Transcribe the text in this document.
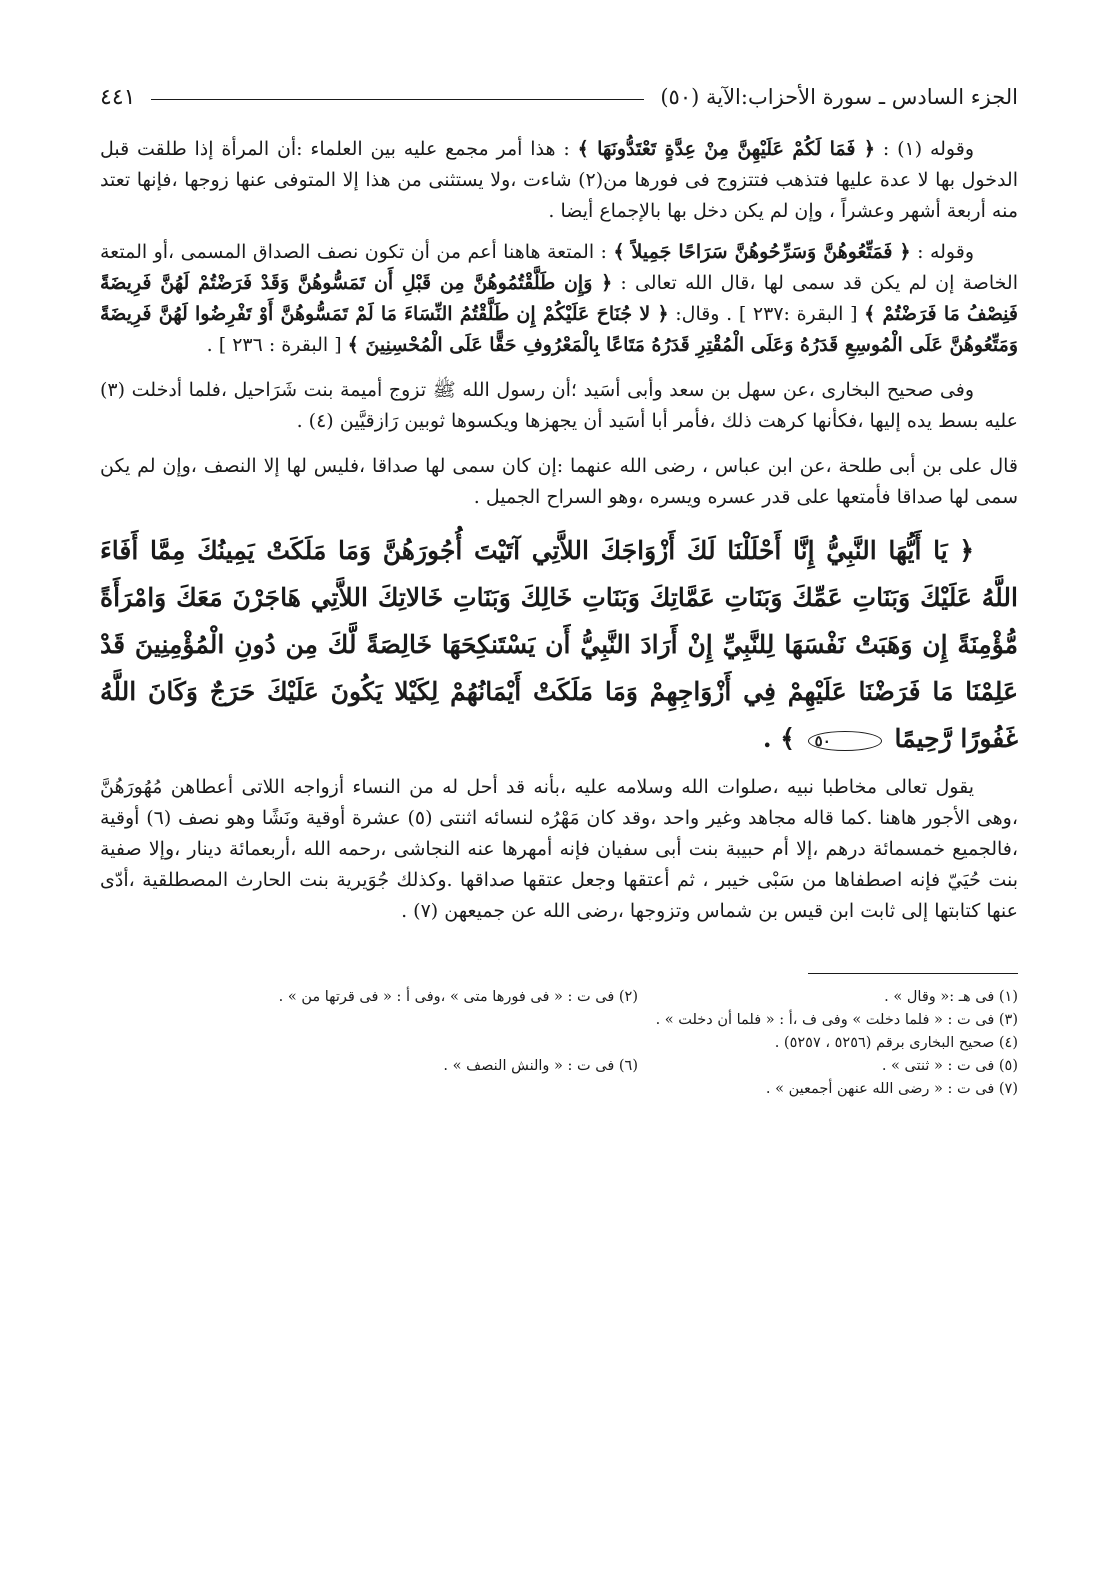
الجزء السادس ـ سورة الأحزاب:الآية (٥٠)
٤٤١

وقوله (١) : ﴿ فَمَا لَكُمْ عَلَيْهِنَّ مِنْ عِدَّةٍ تَعْتَدُّونَهَا ﴾ : هذا أمر مجمع عليه بين العلماء :أن المرأة إذا طلقت قبل الدخول بها لا عدة عليها فتذهب فتتزوج فى فورها من(٢) شاءت ،ولا يستثنى من هذا إلا المتوفى عنها زوجها ،فإنها تعتد منه أربعة أشهر وعشراً ، وإن لم يكن دخل بها بالإجماع أيضا .

وقوله : ﴿ فَمَتِّعُوهُنَّ وَسَرِّحُوهُنَّ سَرَاحًا جَمِيلاً ﴾ : المتعة هاهنا أعم من أن تكون نصف الصداق المسمى ،أو المتعة الخاصة إن لم يكن قد سمى لها ،قال الله تعالى : ﴿ وَإِن طَلَّقْتُمُوهُنَّ مِن قَبْلِ أَن تَمَسُّوهُنَّ وَقَدْ فَرَضْتُمْ لَهُنَّ فَرِيضَةً فَنِصْفُ مَا فَرَضْتُمْ ﴾ [ البقرة :٢٣٧ ] . وقال: ﴿ لا جُنَاحَ عَلَيْكُمْ إِن طَلَّقْتُمُ النِّسَاءَ مَا لَمْ تَمَسُّوهُنَّ أَوْ تَفْرِضُوا لَهُنَّ فَرِيضَةً وَمَتِّعُوهُنَّ عَلَى الْمُوسِعِ قَدَرُهُ وَعَلَى الْمُقْتِرِ قَدَرُهُ مَتَاعًا بِالْمَعْرُوفِ حَقًّا عَلَى الْمُحْسِنِينَ ﴾ [ البقرة : ٢٣٦ ] .

وفى صحيح البخارى ،عن سهل بن سعد وأبى أسَيد ؛أن رسول الله ﷺ تزوج أميمة بنت شَرَاحيل ،فلما أدخلت (٣) عليه بسط يده إليها ،فكأنها كرهت ذلك ،فأمر أبا أسَيد أن يجهزها ويكسوها ثوبين رَازقيَّين (٤) .

قال على بن أبى طلحة ،عن ابن عباس ، رضى الله عنهما :إن كان سمى لها صداقا ،فليس لها إلا النصف ،وإن لم يكن سمى لها صداقا فأمتعها على قدر عسره ويسره ،وهو السراح الجميل .

﴿ يَا أَيُّهَا النَّبِيُّ إِنَّا أَحْلَلْنَا لَكَ أَزْوَاجَكَ اللاَّتِي آتَيْتَ أُجُورَهُنَّ وَمَا مَلَكَتْ يَمِينُكَ مِمَّا أَفَاءَ اللَّهُ عَلَيْكَ وَبَنَاتِ عَمِّكَ وَبَنَاتِ عَمَّاتِكَ وَبَنَاتِ خَالِكَ وَبَنَاتِ خَالاتِكَ اللاَّتِي هَاجَرْنَ مَعَكَ وَامْرَأَةً مُّؤْمِنَةً إِن وَهَبَتْ نَفْسَهَا لِلنَّبِيِّ إِنْ أَرَادَ النَّبِيُّ أَن يَسْتَنكِحَهَا خَالِصَةً لَّكَ مِن دُونِ الْمُؤْمِنِينَ قَدْ عَلِمْنَا مَا فَرَضْنَا عَلَيْهِمْ فِي أَزْوَاجِهِمْ وَمَا مَلَكَتْ أَيْمَانُهُمْ لِكَيْلا يَكُونَ عَلَيْكَ حَرَجٌ وَكَانَ اللَّهُ غَفُورًا رَّحِيمًا ٥٠ ﴾ .

يقول تعالى مخاطبا نبيه ،صلوات الله وسلامه عليه ،بأنه قد أحل له من النساء أزواجه اللاتى أعطاهن مُهُورَهُنَّ ،وهى الأجور هاهنا .كما قاله مجاهد وغير واحد ،وقد كان مَهْرُه لنسائه اثنتى (٥) عشرة أوقية ونَشًا وهو نصف (٦) أوقية ،فالجميع خمسمائة درهم ،إلا أم حبيبة بنت أبى سفيان فإنه أمهرها عنه النجاشى ،رحمه الله ،أربعمائة دينار ،وإلا صفية بنت حُيَيّ فإنه اصطفاها من سَبْى خيبر ، ثم أعتقها وجعل عتقها صداقها .وكذلك جُوَيرية بنت الحارث المصطلقية ،أدّى عنها كتابتها إلى ثابت ابن قيس بن شماس وتزوجها ،رضى الله عن جميعهن (٧) .

(١) فى هـ :« وقال » .
(٢) فى ت : « فى فورها متى » ،وفى أ : « فى قرتها من » .
(٣) فى ت : « فلما دخلت » وفى ف ،أ : « فلما أن دخلت » .
(٤) صحيح البخارى برقم (٥٢٥٦ ، ٥٢٥٧) .
(٥) فى ت : « ثنتى » .
(٦) فى ت : « والنش النصف » .
(٧) فى ت : « رضى الله عنهن أجمعين » .
